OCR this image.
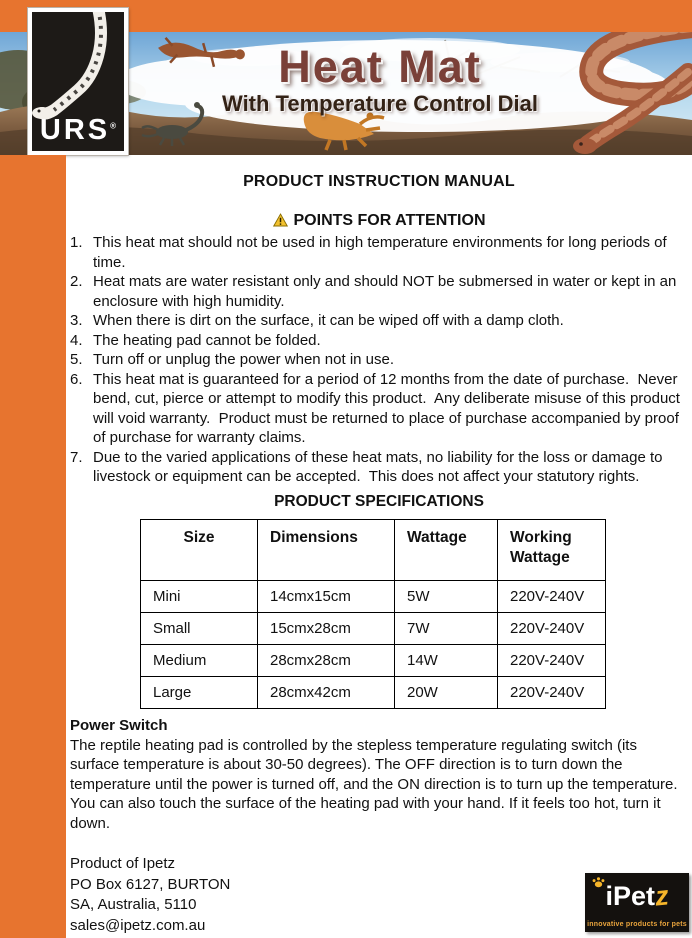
Heat Mat
With Temperature Control Dial
URS®
PRODUCT INSTRUCTION MANUAL
POINTS FOR ATTENTION
1. This heat mat should not be used in high temperature environments for long periods of time.
2. Heat mats are water resistant only and should NOT be submersed in water or kept in an enclosure with high humidity.
3. When there is dirt on the surface, it can be wiped off with a damp cloth.
4. The heating pad cannot be folded.
5. Turn off or unplug the power when not in use.
6. This heat mat is guaranteed for a period of 12 months from the date of purchase.  Never bend, cut, pierce or attempt to modify this product.  Any deliberate misuse of this product will void warranty.  Product must be returned to place of purchase accompanied by proof of purchase for warranty claims.
7. Due to the varied applications of these heat mats, no liability for the loss or damage to livestock or equipment can be accepted.  This does not affect your statutory rights.
PRODUCT SPECIFICATIONS
Size	Dimensions	Wattage	Working Wattage
Mini	14cmx15cm	5W	220V-240V
Small	15cmx28cm	7W	220V-240V
Medium	28cmx28cm	14W	220V-240V
Large	28cmx42cm	20W	220V-240V
Power Switch
The reptile heating pad is controlled by the stepless temperature regulating switch (its surface temperature is about 30-50 degrees). The OFF direction is to turn down the temperature until the power is turned off, and the ON direction is to turn up the temperature. You can also touch the surface of the heating pad with your hand. If it feels too hot, turn it down.
Product of Ipetz
PO Box 6127, BURTON
SA, Australia, 5110
sales@ipetz.com.au
iPetz
innovative products for pets
